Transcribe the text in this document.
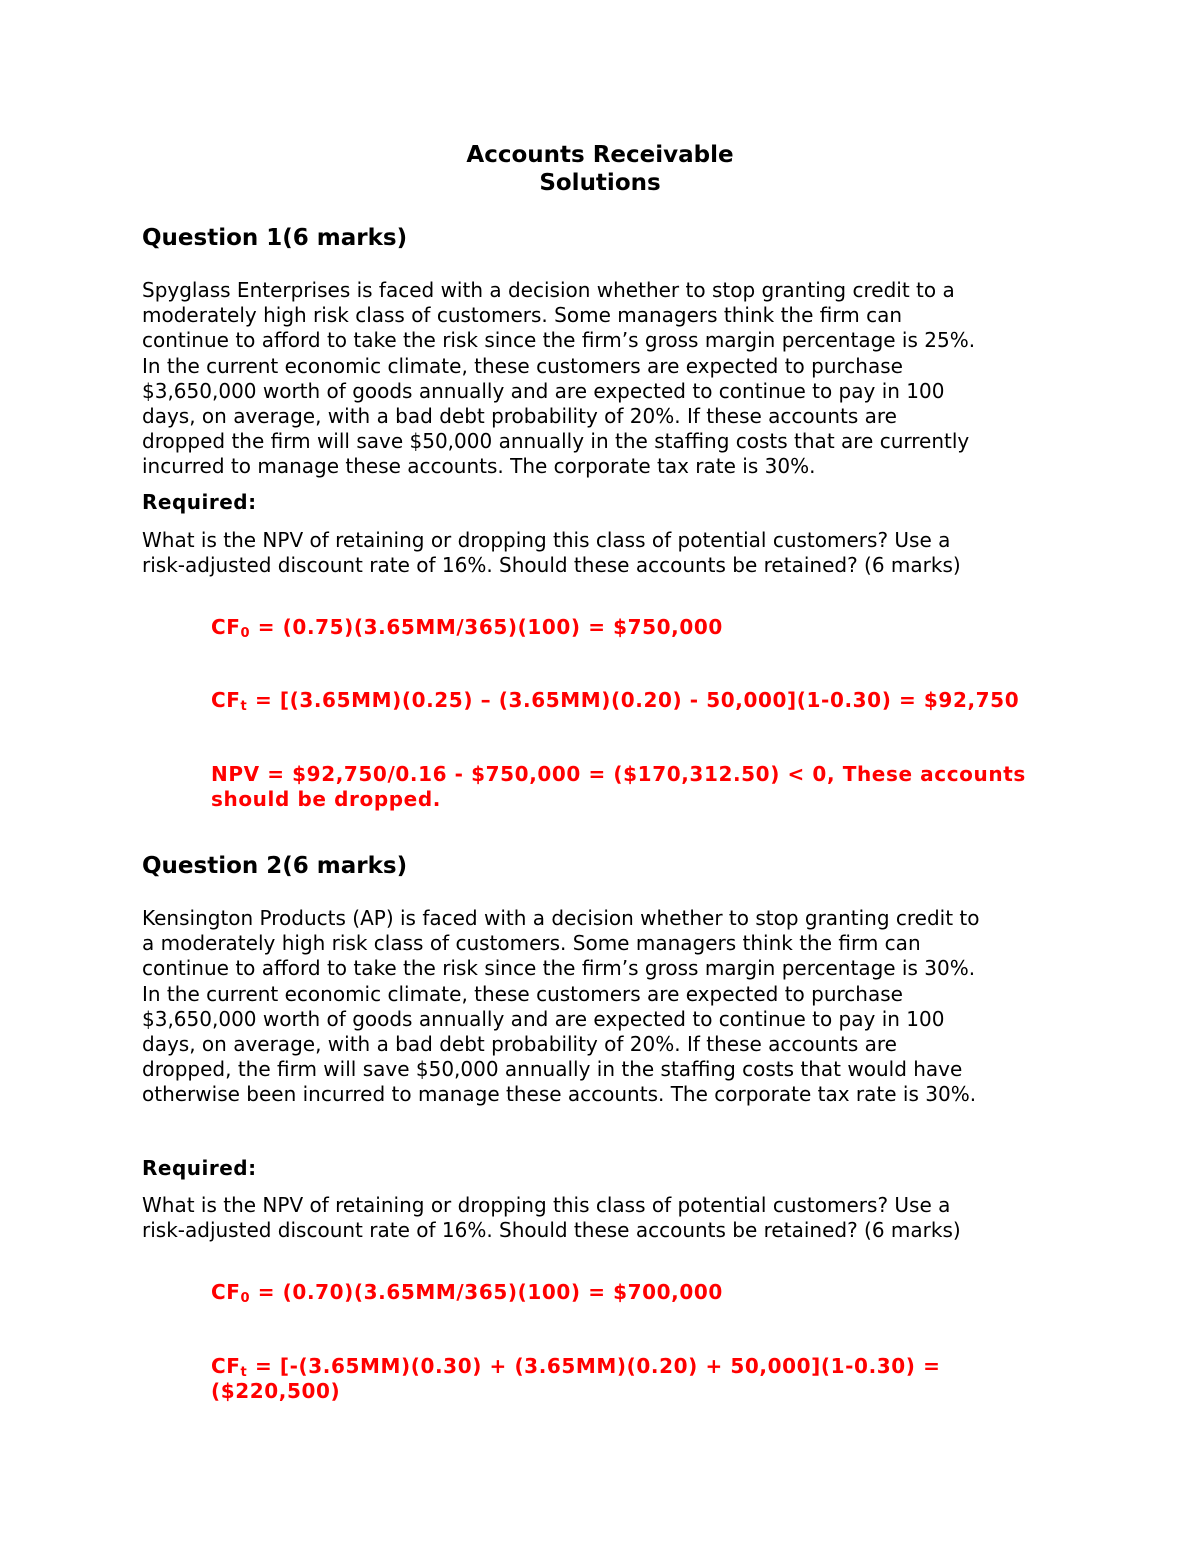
Accounts Receivable
Solutions
Question 1(6 marks)

Spyglass Enterprises is faced with a decision whether to stop granting credit to a
moderately high risk class of customers. Some managers think the firm can
continue to afford to take the risk since the firm’s gross margin percentage is 25%.
In the current economic climate, these customers are expected to purchase
$3,650,000 worth of goods annually and are expected to continue to pay in 100
days, on average, with a bad debt probability of 20%. If these accounts are
dropped the firm will save $50,000 annually in the staffing costs that are currently
incurred to manage these accounts. The corporate tax rate is 30%.

Required:

What is the NPV of retaining or dropping this class of potential customers? Use a
risk-adjusted discount rate of 16%. Should these accounts be retained? (6 marks)

$CF_0 = (0.75)(3.65MM/365)(100)$ = $750,000
$CF_t = [(3.65MM)(0.25) - (3.65MM)(0.20) - 50,000](1-0.30)$ = $92,750
NPV = $92,750/0.16 - $750,000 = ($170,312.50) < 0, These accounts
should be dropped.
Question 2(6 marks)

Kensington Products (AP) is faced with a decision whether to stop granting credit to
a moderately high risk class of customers. Some managers think the firm can
continue to afford to take the risk since the firm’s gross margin percentage is 30%.
In the current economic climate, these customers are expected to purchase
$3,650,000 worth of goods annually and are expected to continue to pay in 100
days, on average, with a bad debt probability of 20%. If these accounts are
dropped, the firm will save $50,000 annually in the staffing costs that would have
otherwise been incurred to manage these accounts. The corporate tax rate is 30%.

Required:

What is the NPV of retaining or dropping this class of potential customers? Use a
risk-adjusted discount rate of 16%. Should these accounts be retained? (6 marks)

$CF_0 = (0.70)(3.65MM/365)(100)$ = $700,000
$CF_t = [-(3.65MM)(0.30) + (3.65MM)(0.20) + 50,000](1-0.30)$ =
($220,500)
